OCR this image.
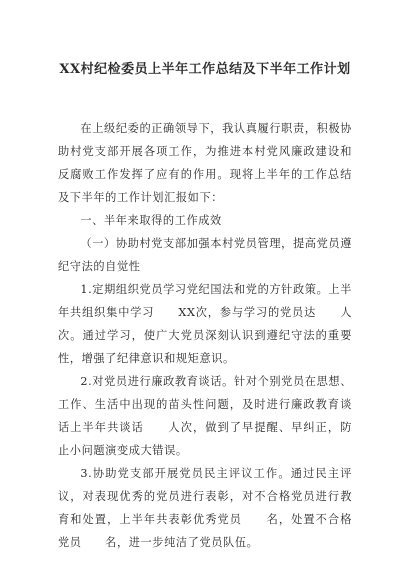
XX村纪检委员上半年工作总结及下半年工作计划

在上级纪委的正确领导下，我认真履行职责，积极协助村党支部开展各项工作，为推进本村党风廉政建设和反腐败工作发挥了应有的作用。现将上半年的工作总结及下半年的工作计划汇报如下：

一、半年来取得的工作成效

（一）协助村党支部加强本村党员管理，提高党员遵纪守法的自觉性

1.定期组织党员学习党纪国法和党的方针政策。上半年共组织集中学习　　XX次，参与学习的党员达　　人次。通过学习，使广大党员深刻认识到遵纪守法的重要性，增强了纪律意识和规矩意识。

2.对党员进行廉政教育谈话。针对个别党员在思想、工作、生活中出现的苗头性问题，及时进行廉政教育谈话上半年共谈话　　人次，做到了早提醒、早纠正，防止小问题演变成大错误。

3.协助党支部开展党员民主评议工作。通过民主评议，对表现优秀的党员进行表彰，对不合格党员进行教育和处置，上半年共表彰优秀党员　　名，处置不合格党员　　名，进一步纯洁了党员队伍。
